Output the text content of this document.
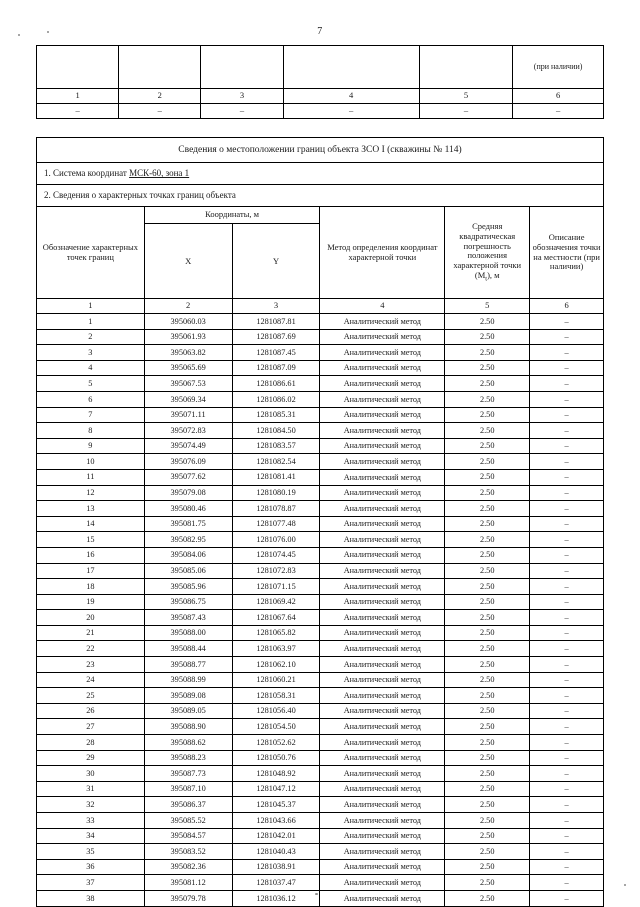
7
					(при наличии)
1	2	3	4	5	6
–	–	–	–	–	–
Сведения о местоположении границ объекта ЗСО I (скважины № 114)					
1. Система координат МСК-60, зона 1					
2. Сведения о характерных точках границ объекта					
Обозначение характерных точек границ	Координаты, м		Метод определения координат характерной точки	Средняя квадратическая погрешность положения характерной точки $(М_t)$, м	Описание обозначения точки на местности (при наличии)
	X	Y			
1	2	3	4	5	6
1	395060.03	1281087.81	Аналитический метод	2.50	–
2	395061.93	1281087.69	Аналитический метод	2.50	–
3	395063.82	1281087.45	Аналитический метод	2.50	–
4	395065.69	1281087.09	Аналитический метод	2.50	–
5	395067.53	1281086.61	Аналитический метод	2.50	–
6	395069.34	1281086.02	Аналитический метод	2.50	–
7	395071.11	1281085.31	Аналитический метод	2.50	–
8	395072.83	1281084.50	Аналитический метод	2.50	–
9	395074.49	1281083.57	Аналитический метод	2.50	–
10	395076.09	1281082.54	Аналитический метод	2.50	–
11	395077.62	1281081.41	Аналитический метод	2.50	–
12	395079.08	1281080.19	Аналитический метод	2.50	–
13	395080.46	1281078.87	Аналитический метод	2.50	–
14	395081.75	1281077.48	Аналитический метод	2.50	–
15	395082.95	1281076.00	Аналитический метод	2.50	–
16	395084.06	1281074.45	Аналитический метод	2.50	–
17	395085.06	1281072.83	Аналитический метод	2.50	–
18	395085.96	1281071.15	Аналитический метод	2.50	–
19	395086.75	1281069.42	Аналитический метод	2.50	–
20	395087.43	1281067.64	Аналитический метод	2.50	–
21	395088.00	1281065.82	Аналитический метод	2.50	–
22	395088.44	1281063.97	Аналитический метод	2.50	–
23	395088.77	1281062.10	Аналитический метод	2.50	–
24	395088.99	1281060.21	Аналитический метод	2.50	–
25	395089.08	1281058.31	Аналитический метод	2.50	–
26	395089.05	1281056.40	Аналитический метод	2.50	–
27	395088.90	1281054.50	Аналитический метод	2.50	–
28	395088.62	1281052.62	Аналитический метод	2.50	–
29	395088.23	1281050.76	Аналитический метод	2.50	–
30	395087.73	1281048.92	Аналитический метод	2.50	–
31	395087.10	1281047.12	Аналитический метод	2.50	–
32	395086.37	1281045.37	Аналитический метод	2.50	–
33	395085.52	1281043.66	Аналитический метод	2.50	–
34	395084.57	1281042.01	Аналитический метод	2.50	–
35	395083.52	1281040.43	Аналитический метод	2.50	–
36	395082.36	1281038.91	Аналитический метод	2.50	–
37	395081.12	1281037.47	Аналитический метод	2.50	–
38	395079.78	1281036.12	Аналитический метод	2.50	–
